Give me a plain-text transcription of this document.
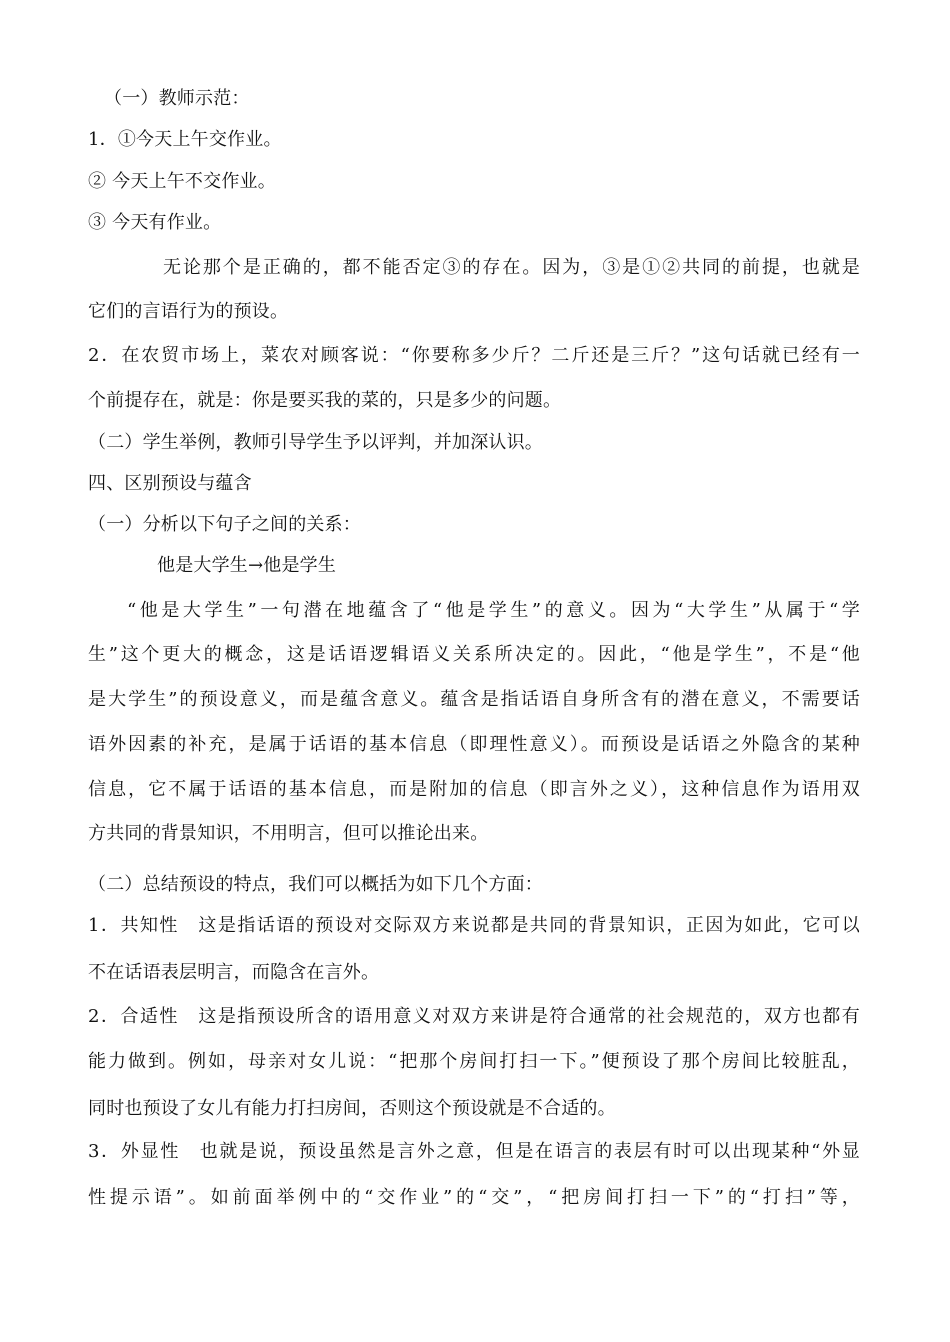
（一）教师示范：
1．①今天上午交作业。
② 今天上午不交作业。
③ 今天有作业。
无论那个是正确的，都不能否定③的存在。因为，③是①②共同的前提，也就是
它们的言语行为的预设。
2．在农贸市场上，菜农对顾客说：“你要称多少斤？二斤还是三斤？”这句话就已经有一
个前提存在，就是：你是要买我的菜的，只是多少的问题。
（二）学生举例，教师引导学生予以评判，并加深认识。
四、区别预设与蕴含
（一）分析以下句子之间的关系：
他是大学生→他是学生
“他是大学生”一句潜在地蕴含了“他是学生”的意义。因为“大学生”从属于“学
生”这个更大的概念，这是话语逻辑语义关系所决定的。因此，“他是学生”，不是“他
是大学生”的预设意义，而是蕴含意义。蕴含是指话语自身所含有的潜在意义，不需要话
语外因素的补充，是属于话语的基本信息（即理性意义）。而预设是话语之外隐含的某种
信息，它不属于话语的基本信息，而是附加的信息（即言外之义），这种信息作为语用双
方共同的背景知识，不用明言，但可以推论出来。
（二）总结预设的特点，我们可以概括为如下几个方面：
1．共知性　这是指话语的预设对交际双方来说都是共同的背景知识，正因为如此，它可以
不在话语表层明言，而隐含在言外。
2．合适性　这是指预设所含的语用意义对双方来讲是符合通常的社会规范的，双方也都有
能力做到。例如，母亲对女儿说：“把那个房间打扫一下。”便预设了那个房间比较脏乱，
同时也预设了女儿有能力打扫房间，否则这个预设就是不合适的。
3．外显性　也就是说，预设虽然是言外之意，但是在语言的表层有时可以出现某种“外显
性提示语”。如前面举例中的“交作业”的“交”，“把房间打扫一下”的“打扫”等，
